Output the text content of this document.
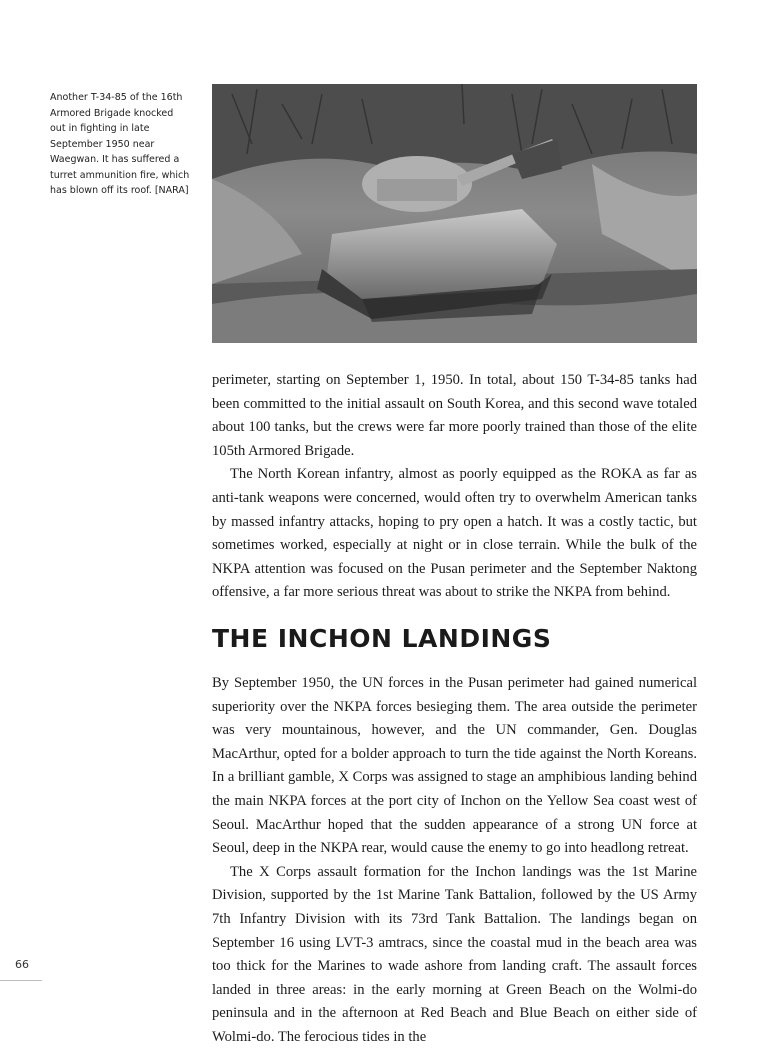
Another T-34-85 of the 16th Armored Brigade knocked out in fighting in late September 1950 near Waegwan. It has suffered a turret ammunition fire, which has blown off its roof. [NARA]

perimeter, starting on September 1, 1950. In total, about 150 T-34-85 tanks had been committed to the initial assault on South Korea, and this second wave totaled about 100 tanks, but the crews were far more poorly trained than those of the elite 105th Armored Brigade.

The North Korean infantry, almost as poorly equipped as the ROKA as far as anti-tank weapons were concerned, would often try to overwhelm American tanks by massed infantry attacks, hoping to pry open a hatch. It was a costly tactic, but sometimes worked, especially at night or in close terrain. While the bulk of the NKPA attention was focused on the Pusan perimeter and the September Naktong offensive, a far more serious threat was about to strike the NKPA from behind.

THE INCHON LANDINGS

By September 1950, the UN forces in the Pusan perimeter had gained numerical superiority over the NKPA forces besieging them. The area outside the perimeter was very mountainous, however, and the UN commander, Gen. Douglas MacArthur, opted for a bolder approach to turn the tide against the North Koreans. In a brilliant gamble, X Corps was assigned to stage an amphibious landing behind the main NKPA forces at the port city of Inchon on the Yellow Sea coast west of Seoul. MacArthur hoped that the sudden appearance of a strong UN force at Seoul, deep in the NKPA rear, would cause the enemy to go into headlong retreat.

The X Corps assault formation for the Inchon landings was the 1st Marine Division, supported by the 1st Marine Tank Battalion, followed by the US Army 7th Infantry Division with its 73rd Tank Battalion. The landings began on September 16 using LVT-3 amtracs, since the coastal mud in the beach area was too thick for the Marines to wade ashore from landing craft. The assault forces landed in three areas: in the early morning at Green Beach on the Wolmi-do peninsula and in the afternoon at Red Beach and Blue Beach on either side of Wolmi-do. The ferocious tides in the

66
